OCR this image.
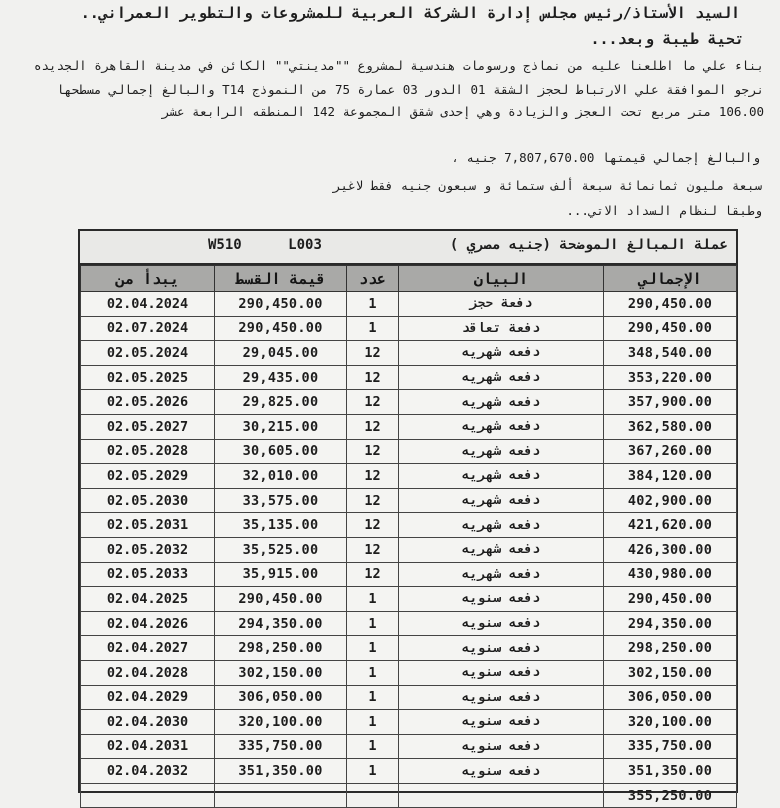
السيد الأستاذ/رئيس مجلس إدارة الشركة العربية للمشروعات والتطوير العمراني..
تحية طيبة وبعد...
بناء علي ما اطلعنا عليه من نماذج ورسومات هندسية لمشروع ""مدينتي"" الكائن في مدينة القاهرة الجديده
نرجو الموافقة علي الارتباط لحجز الشقة 01 الدور 03 عمارة 75 من النموذج T14 والبالغ إجمالي مسطحها
106.00 متر مربع تحت العجز والزيادة وهي إحدى شقق المجموعة 142 المنطقه الرابعة عشر
والبالغ إجمالي قيمتها 7,807,670.00 جنيه ،
سبعة مليون ثمانمائة سبعة ألف ستمائة و سبعون جنيه فقط لاغير
وطبقا لنظام السداد الاتي...
W510	L003	عملة المبالغ الموضحة (جنيه مصري )
يبدأ من	قيمة القسط	عدد	البيان	الإجمالي
02.04.2024	290,450.00	1	دفعة حجز	290,450.00
02.07.2024	290,450.00	1	دفعة تعاقد	290,450.00
02.05.2024	29,045.00	12	دفعه شهريه	348,540.00
02.05.2025	29,435.00	12	دفعه شهريه	353,220.00
02.05.2026	29,825.00	12	دفعه شهريه	357,900.00
02.05.2027	30,215.00	12	دفعه شهريه	362,580.00
02.05.2028	30,605.00	12	دفعه شهريه	367,260.00
02.05.2029	32,010.00	12	دفعه شهريه	384,120.00
02.05.2030	33,575.00	12	دفعه شهريه	402,900.00
02.05.2031	35,135.00	12	دفعه شهريه	421,620.00
02.05.2032	35,525.00	12	دفعه شهريه	426,300.00
02.05.2033	35,915.00	12	دفعه شهريه	430,980.00
02.04.2025	290,450.00	1	دفعه سنويه	290,450.00
02.04.2026	294,350.00	1	دفعه سنويه	294,350.00
02.04.2027	298,250.00	1	دفعه سنويه	298,250.00
02.04.2028	302,150.00	1	دفعه سنويه	302,150.00
02.04.2029	306,050.00	1	دفعه سنويه	306,050.00
02.04.2030	320,100.00	1	دفعه سنويه	320,100.00
02.04.2031	335,750.00	1	دفعه سنويه	335,750.00
02.04.2032	351,350.00	1	دفعه سنويه	351,350.00
				355,250.00
